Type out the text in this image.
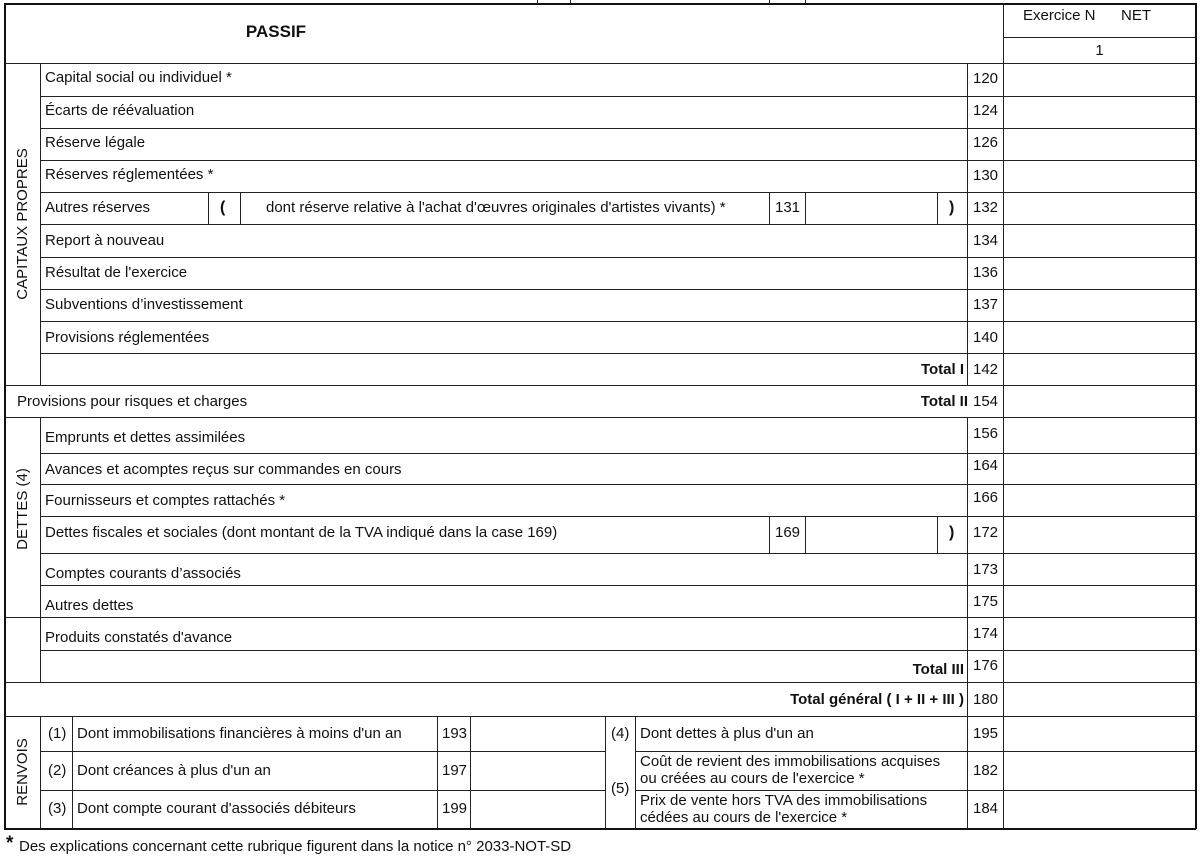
PASSIF
Exercice N NET
1
CAPITAUX PROPRES
DETTES (4)
RENVOIS
Capital social ou individuel *	120
Écarts de réévaluation	124
Réserve légale	126
Réserves réglementées *	130
Autres réserves	(	dont réserve relative à l'achat d'œuvres originales d'artistes vivants) *	131	) 132
Report à nouveau	134
Résultat de l'exercice	136
Subventions d’investissement	137
Provisions réglementées	140
Total I 142
Provisions pour risques et charges	Total II 154
Emprunts et dettes assimilées	156
Avances et acomptes reçus sur commandes en cours	164
Fournisseurs et comptes rattachés *	166
Dettes fiscales et sociales (dont montant de la TVA indiqué dans la case 169)	169	) 172
Comptes courants d’associés	173
Autres dettes	175
Produits constatés d'avance	174
Total III 176
Total général ( I + II + III ) 180
(1) Dont immobilisations financières à moins d'un an	193
(2) Dont créances à plus d'un an	197
(3) Dont compte courant d'associés débiteurs	199
(4) Dont dettes à plus d'un an	195
(5)
Coût de revient des immobilisations acquises
ou créées au cours de l'exercice *	182
Prix de vente hors TVA des immobilisations
cédées au cours de l'exercice *
184
* Des explications concernant cette rubrique figurent dans la notice n° 2033-NOT-SD
